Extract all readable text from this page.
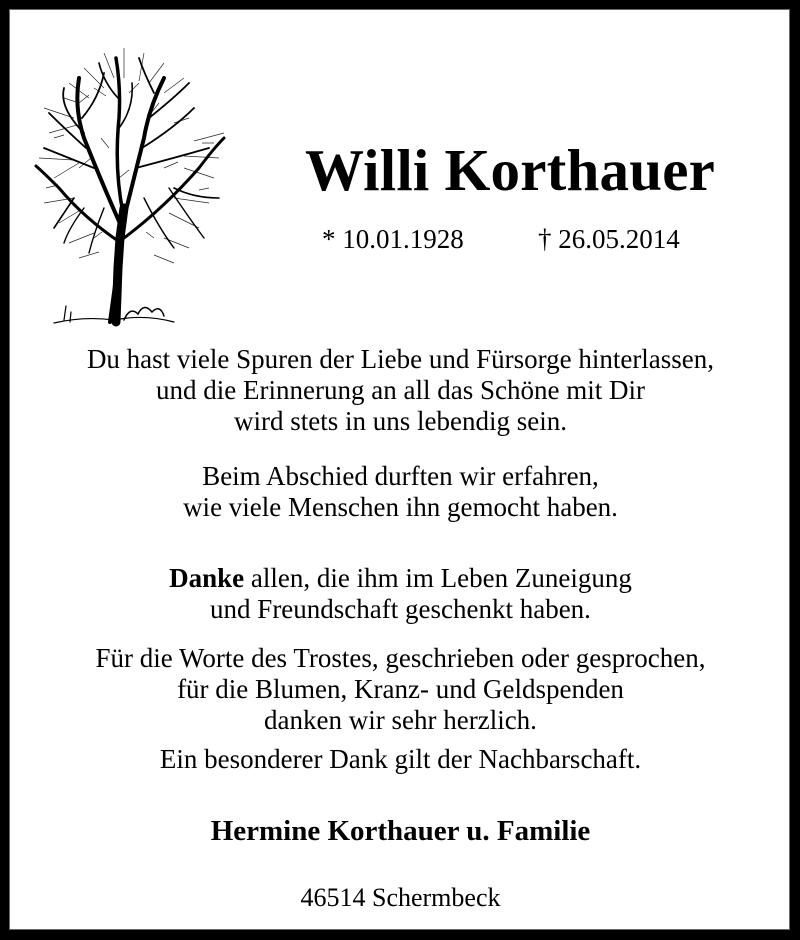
Willi Korthauer
* 10.01.1928	† 26.05.2014
Du hast viele Spuren der Liebe und Fürsorge hinterlassen,
und die Erinnerung an all das Schöne mit Dir
wird stets in uns lebendig sein.
Beim Abschied durften wir erfahren,
wie viele Menschen ihn gemocht haben.
Danke allen, die ihm im Leben Zuneigung
und Freundschaft geschenkt haben.
Für die Worte des Trostes, geschrieben oder gesprochen,
für die Blumen, Kranz- und Geldspenden
danken wir sehr herzlich.
Ein besonderer Dank gilt der Nachbarschaft.
Hermine Korthauer u. Familie
46514 Schermbeck
